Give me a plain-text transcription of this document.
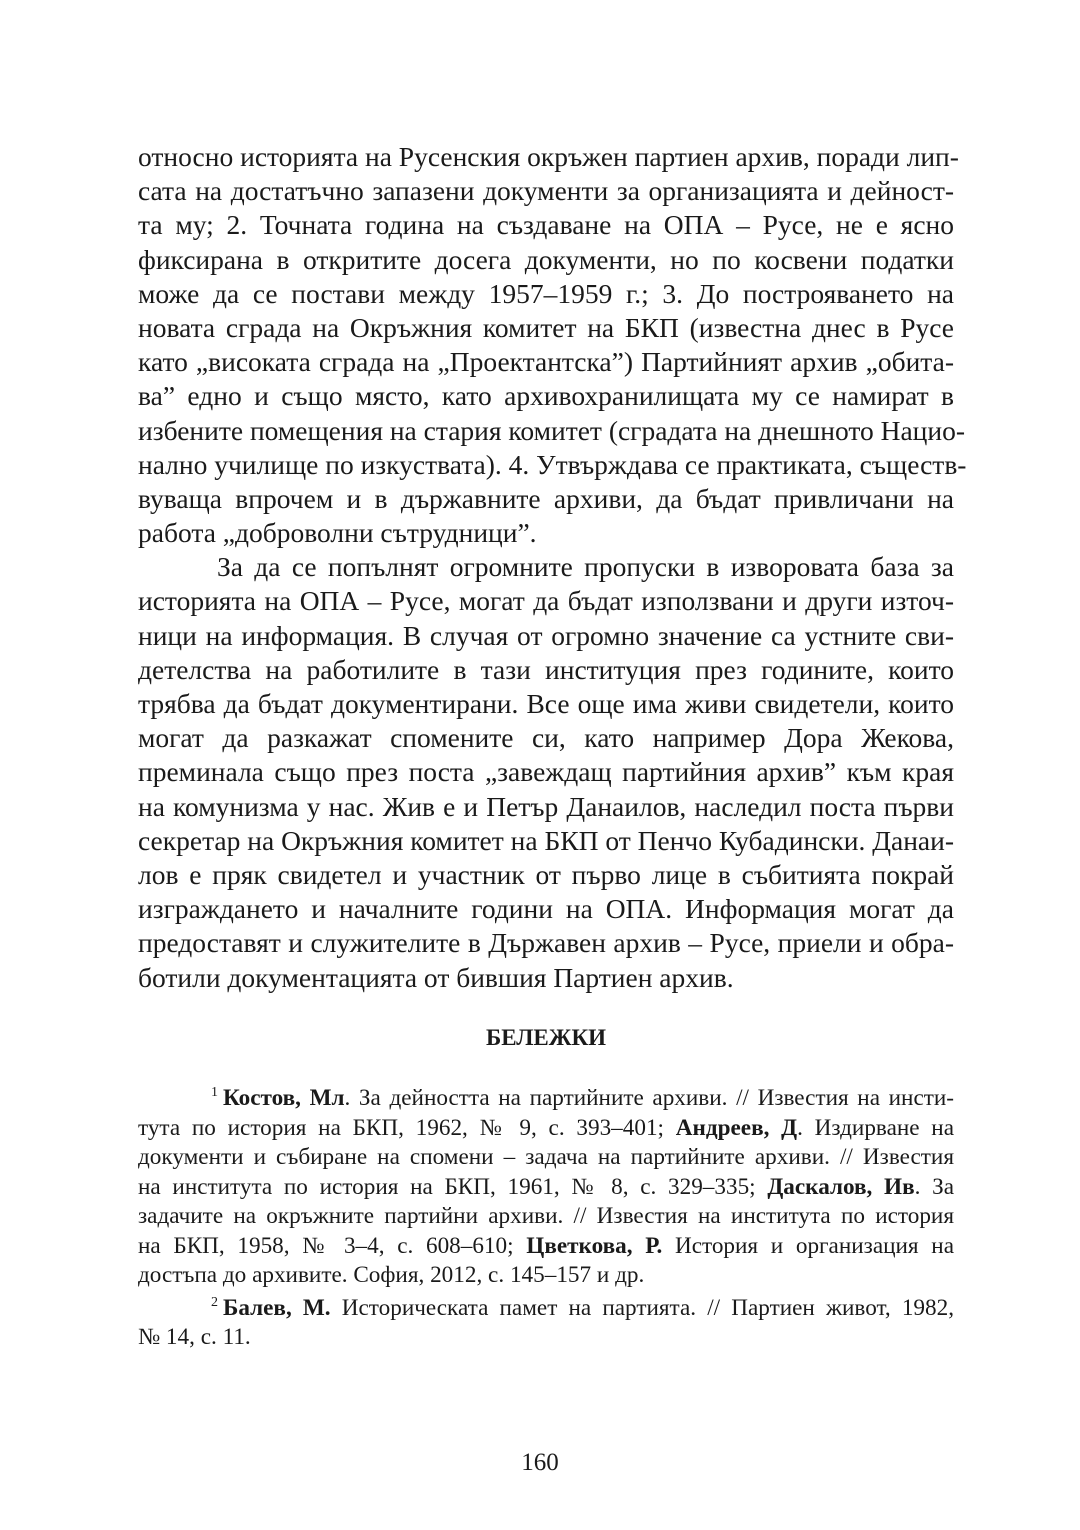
относно историята на Русенския окръжен партиен архив, поради лип-
сата на достатъчно запазени документи за организацията и дейност-
та му; 2. Точната година на създаване на ОПА – Русе, не е ясно
фиксирана в откритите досега документи, но по косвени податки
може да се постави между 1957–1959 г.; 3. До построяването на
новата сграда на Окръжния комитет на БКП (известна днес в Русе
като „високата сграда на „Проектантска”) Партийният архив „обита-
ва” едно и също място, като архивохранилищата му се намират в
избените помещения на стария комитет (сградата на днешното Нацио-
нално училище по изкуствата). 4. Утвърждава се практиката, съществ-
вуваща впрочем и в държавните архиви, да бъдат привличани на
работа „доброволни сътрудници”.
За да се попълнят огромните пропуски в изворовата база за
историята на ОПА – Русе, могат да бъдат използвани и други източ-
ници на информация. В случая от огромно значение са устните сви-
детелства на работилите в тази институция през годините, които
трябва да бъдат документирани. Все още има живи свидетели, които
могат да разкажат спомените си, като например Дора Жекова,
преминала също през поста „завеждащ партийния архив” към края
на комунизма у нас. Жив е и Петър Данаилов, наследил поста първи
секретар на Окръжния комитет на БКП от Пенчо Кубадински. Данаи-
лов е пряк свидетел и участник от първо лице в събитията покрай
изграждането и началните години на ОПА. Информация могат да
предоставят и служителите в Държавен архив – Русе, приели и обра-
ботили документацията от бившия Партиен архив.
БЕЛЕЖКИ
$^1$ Костов, Мл. За дейността на партийните архиви. // Известия на инсти-
тута по история на БКП, 1962, № 9, с. 393–401; Андреев, Д. Издирване на
документи и събиране на спомени – задача на партийните архиви. // Известия
на института по история на БКП, 1961, № 8, с. 329–335; Даскалов, Ив. За
задачите на окръжните партийни архиви. // Известия на института по история
на БКП, 1958, № 3–4, с. 608–610; Цветкова, Р. История и организация на
достъпа до архивите. София, 2012, с. 145–157 и др.
$^2$ Балев, М. Историческата памет на партията. // Партиен живот, 1982,
№ 14, с. 11.
160
